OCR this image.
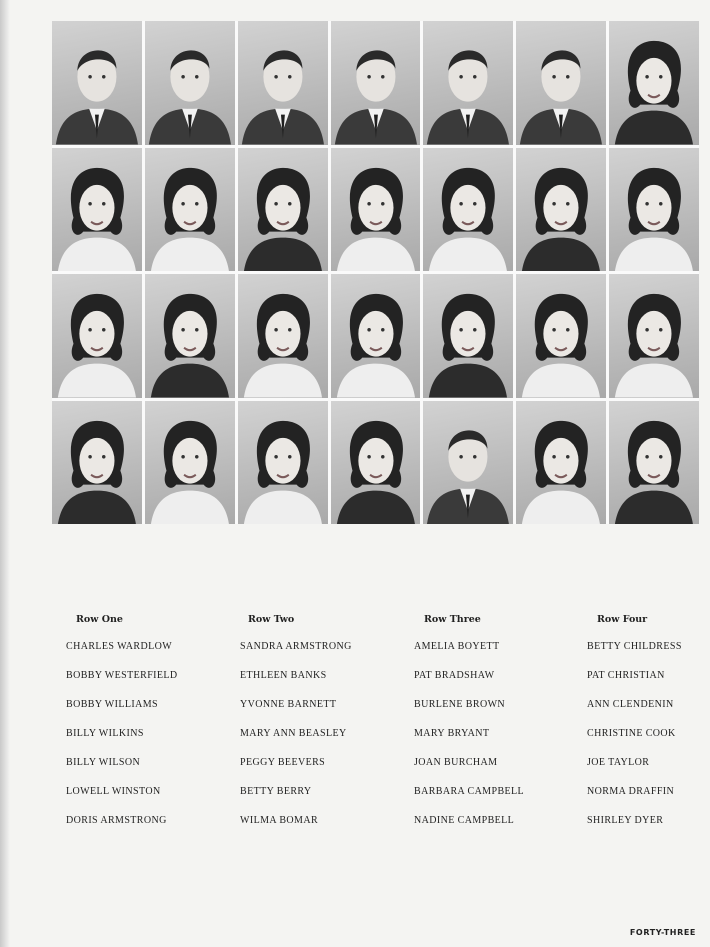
Row One
CHARLES WARDLOW
BOBBY WESTERFIELD
BOBBY WILLIAMS
BILLY WILKINS
BILLY WILSON
LOWELL WINSTON
DORIS ARMSTRONG
Row Two
SANDRA ARMSTRONG
ETHLEEN BANKS
YVONNE BARNETT
MARY ANN BEASLEY
PEGGY BEEVERS
BETTY BERRY
WILMA BOMAR
Row Three
AMELIA BOYETT
PAT BRADSHAW
BURLENE BROWN
MARY BRYANT
JOAN BURCHAM
BARBARA CAMPBELL
NADINE CAMPBELL
Row Four
BETTY CHILDRESS
PAT CHRISTIAN
ANN CLENDENIN
CHRISTINE COOK
JOE TAYLOR
NORMA DRAFFIN
SHIRLEY DYER
FORTY-THREE
